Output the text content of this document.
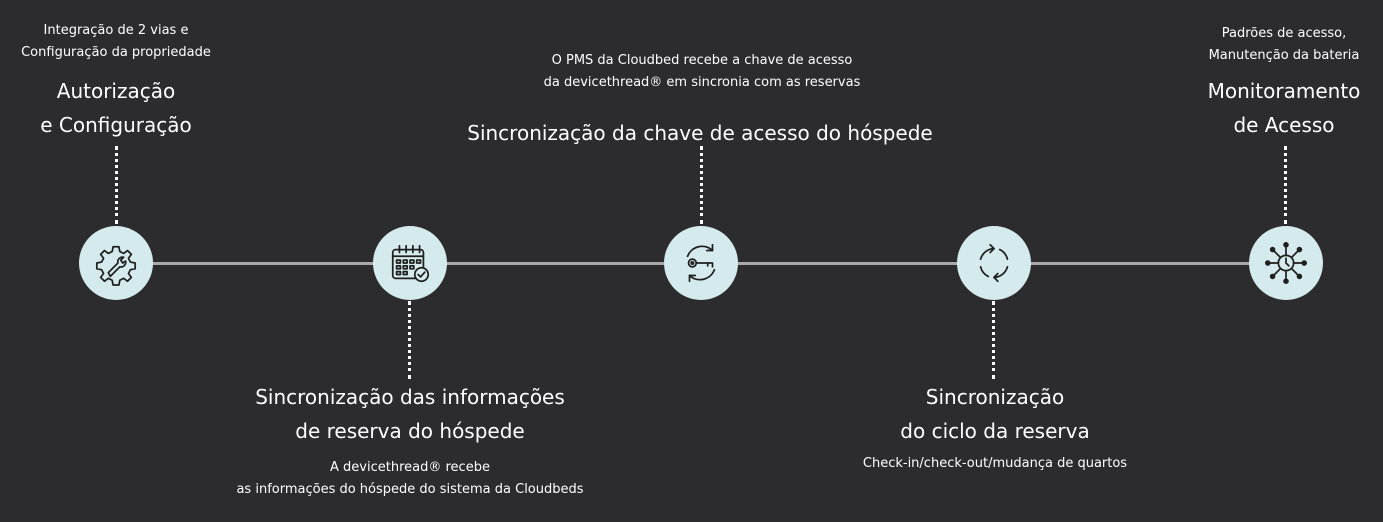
Integração de 2 vias e
Configuração da propriedade
Autorização
e Configuração
Sincronização das informações
de reserva do hóspede
A devicethread® recebe
as informações do hóspede do sistema da Cloudbeds
O PMS da Cloudbed recebe a chave de acesso
da devicethread® em sincronia com as reservas
Sincronização da chave de acesso do hóspede
Sincronização
do ciclo da reserva
Check-in/check-out/mudança de quartos
Padrões de acesso,
Manutenção da bateria
Monitoramento
de Acesso
